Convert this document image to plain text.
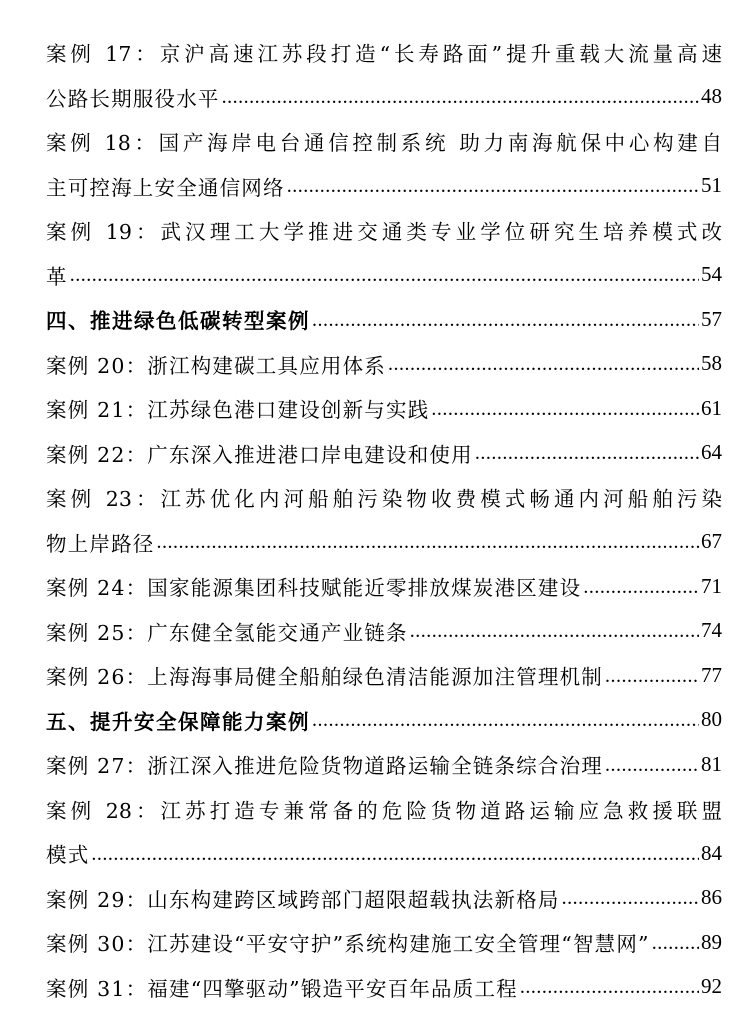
案例 17：京沪高速江苏段打造“长寿路面”提升重载大流量高速
公路长期服役水平 .....	48
案例 18：国产海岸电台通信控制系统 助力南海航保中心构建自
主可控海上安全通信网络 .....	51
案例 19：武汉理工大学推进交通类专业学位研究生培养模式改
革 .....	54
四、推进绿色低碳转型案例 .....	57
案例 20：浙江构建碳工具应用体系 .....	58
案例 21：江苏绿色港口建设创新与实践 .....	61
案例 22：广东深入推进港口岸电建设和使用 .....	64
案例 23：江苏优化内河船舶污染物收费模式畅通内河船舶污染
物上岸路径 .....	67
案例 24：国家能源集团科技赋能近零排放煤炭港区建设 .....	71
案例 25：广东健全氢能交通产业链条 .....	74
案例 26：上海海事局健全船舶绿色清洁能源加注管理机制 .....	77
五、提升安全保障能力案例 .....	80
案例 27：浙江深入推进危险货物道路运输全链条综合治理 .....	81
案例 28：江苏打造专兼常备的危险货物道路运输应急救援联盟
模式 .....	84
案例 29：山东构建跨区域跨部门超限超载执法新格局 .....	86
案例 30：江苏建设“平安守护”系统构建施工安全管理“智慧网” ..... 89
案例 31：福建“四擎驱动”锻造平安百年品质工程 .....	92
